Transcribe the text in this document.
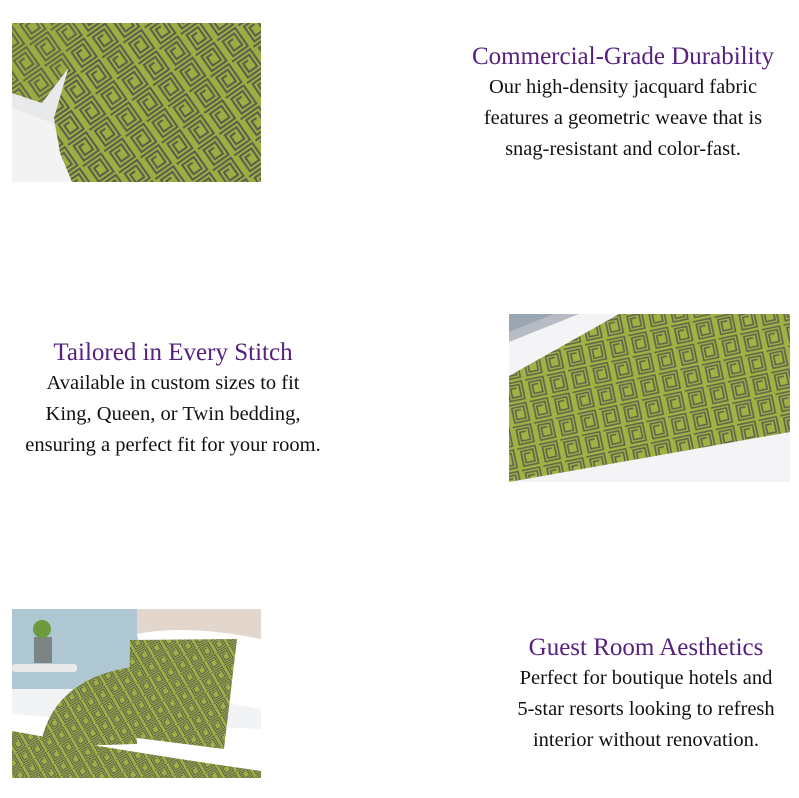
Commercial-Grade Durability

Our high-density jacquard fabric
features a geometric weave that is
snag-resistant and color-fast.

Tailored in Every Stitch

Available in custom sizes to fit
King, Queen, or Twin bedding,
ensuring a perfect fit for your room.

Guest Room Aesthetics

Perfect for boutique hotels and
5-star resorts looking to refresh
interior without renovation.
